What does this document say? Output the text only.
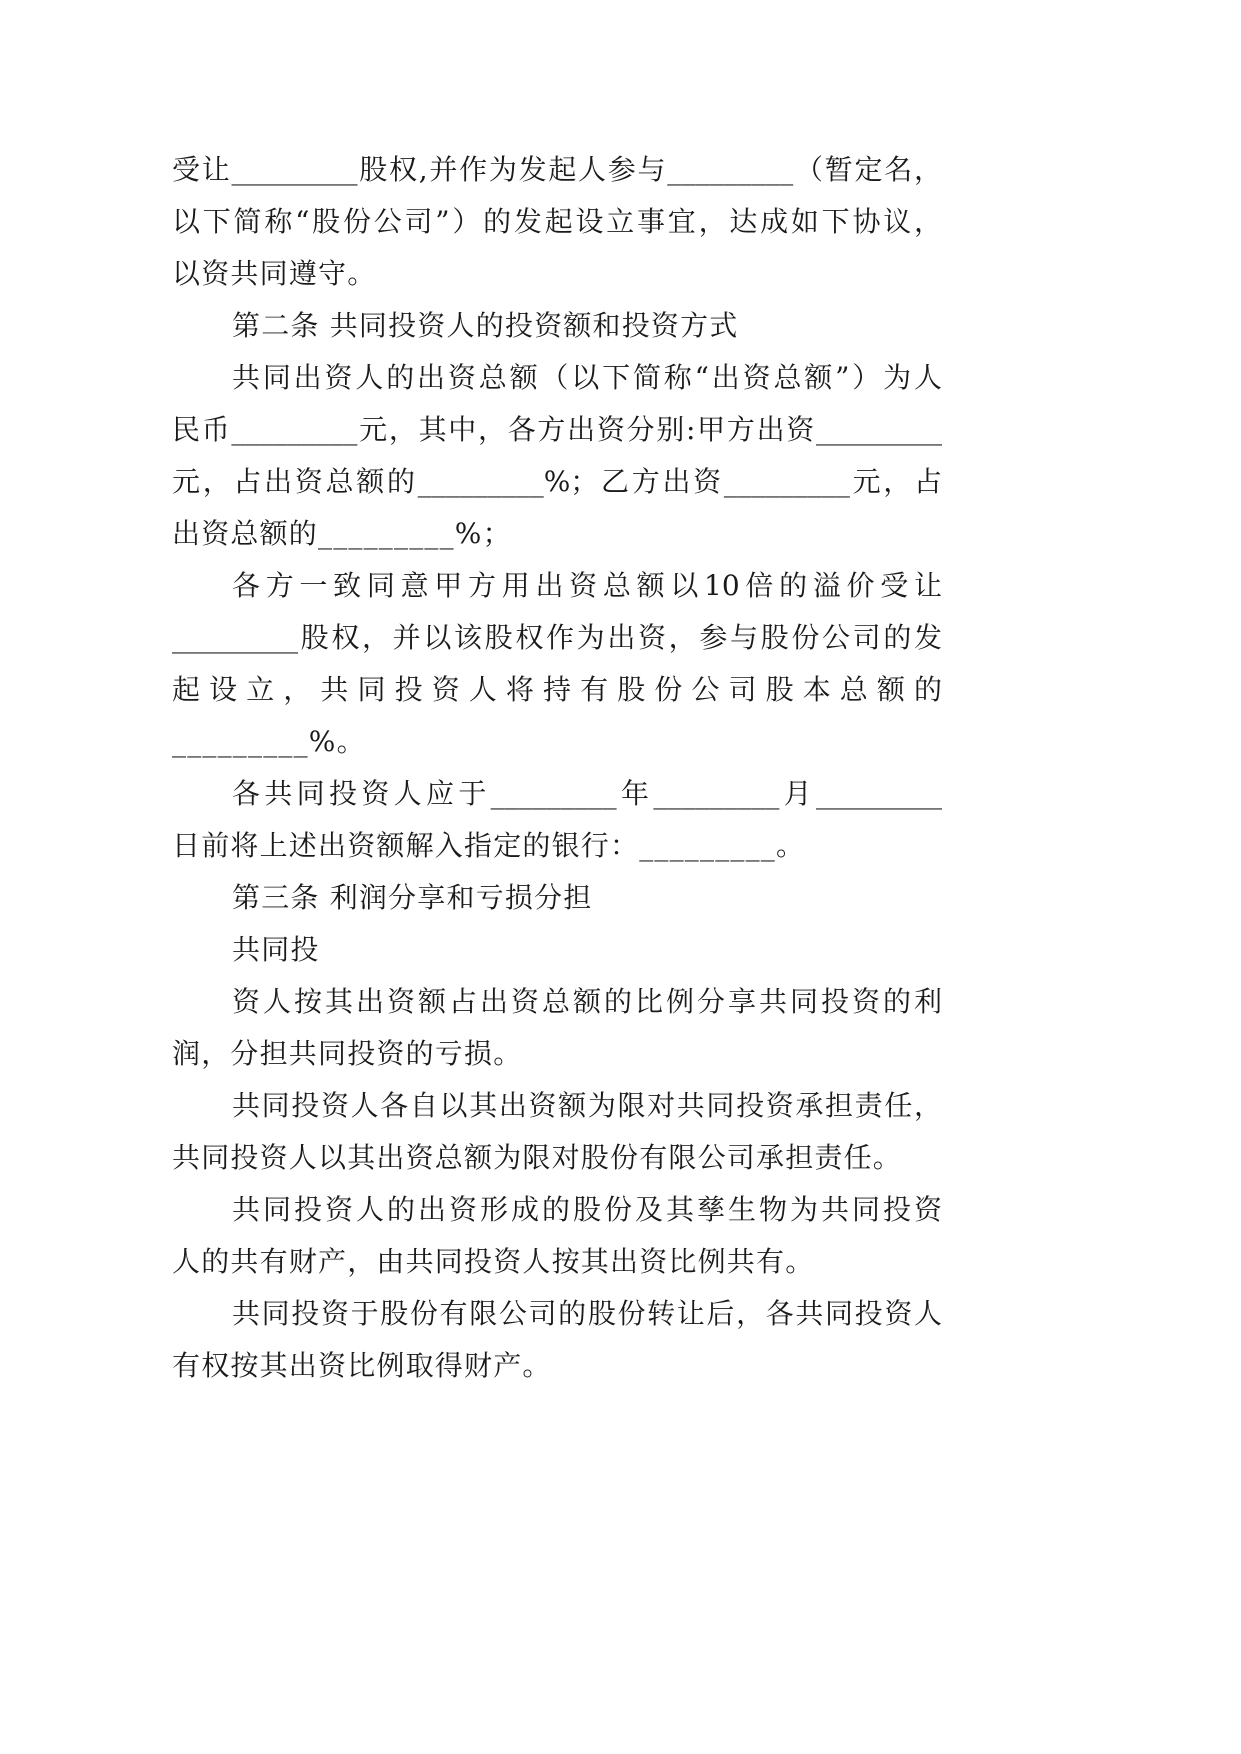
受让_________股权,并作为发起人参与_________（暂定名，
以下简称“股份公司”）的发起设立事宜，达成如下协议，
以资共同遵守。
第二条 共同投资人的投资额和投资方式
共同出资人的出资总额（以下简称“出资总额”）为人
民币_________元，其中，各方出资分别:甲方出资_________
元，占出资总额的_________%；乙方出资_________元，占
出资总额的_________%；
各方一致同意甲方用出资总额以10倍的溢价受让
_________股权，并以该股权作为出资，参与股份公司的发
起设立，共同投资人将持有股份公司股本总额的
_________%。
各共同投资人应于_________年_________月_________
日前将上述出资额解入指定的银行：_________。
第三条 利润分享和亏损分担
共同投
资人按其出资额占出资总额的比例分享共同投资的利
润，分担共同投资的亏损。
共同投资人各自以其出资额为限对共同投资承担责任，
共同投资人以其出资总额为限对股份有限公司承担责任。
共同投资人的出资形成的股份及其孳生物为共同投资
人的共有财产，由共同投资人按其出资比例共有。
共同投资于股份有限公司的股份转让后，各共同投资人
有权按其出资比例取得财产。
